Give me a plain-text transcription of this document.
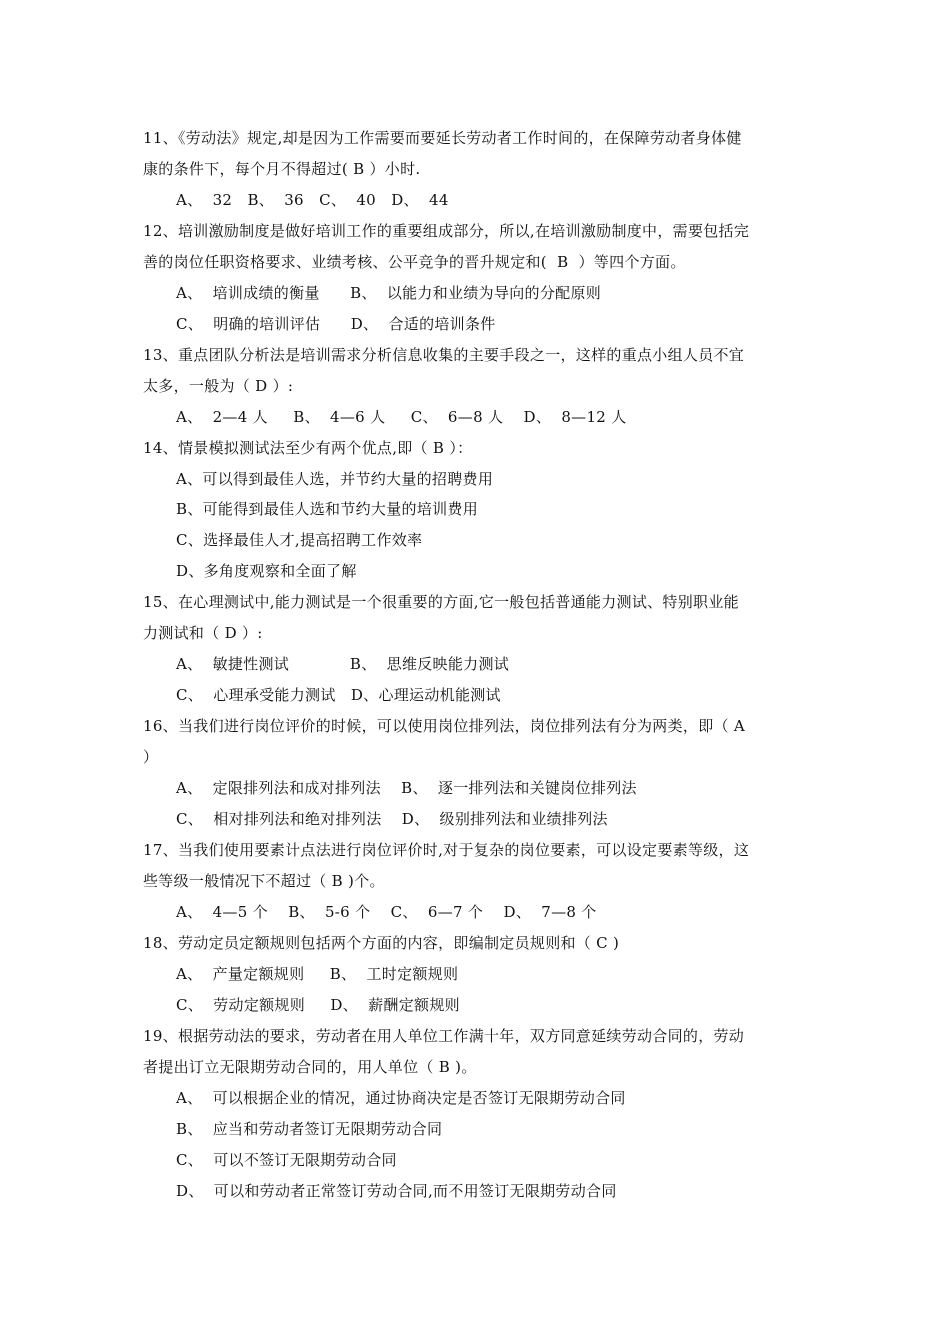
11、《劳动法》规定,却是因为工作需要而要延长劳动者工作时间的，在保障劳动者身体健
康的条件下，每个月不得超过( B ）小时.
A、  32   B、  36   C、  40   D、  44
12、培训激励制度是做好培训工作的重要组成部分，所以,在培训激励制度中，需要包括完
善的岗位任职资格要求、业绩考核、公平竞争的晋升规定和(  B  ）等四个方面。
A、  培训成绩的衡量      B、  以能力和业绩为导向的分配原则
C、  明确的培训评估      D、  合适的培训条件
13、重点团队分析法是培训需求分析信息收集的主要手段之一，这样的重点小组人员不宜
太多，一般为（ D ）:
A、  2—4 人     B、  4—6 人     C、  6—8 人    D、  8—12 人
14、情景模拟测试法至少有两个优点,即（ B ）：
A、可以得到最佳人选，并节约大量的招聘费用
B、可能得到最佳人选和节约大量的培训费用
C、选择最佳人才,提高招聘工作效率
D、多角度观察和全面了解
15、在心理测试中,能力测试是一个很重要的方面,它一般包括普通能力测试、特别职业能
力测试和（ D ）:
A、  敏捷性测试            B、  思维反映能力测试
C、  心理承受能力测试   D、心理运动机能测试
16、当我们进行岗位评价的时候，可以使用岗位排列法，岗位排列法有分为两类，即（ A
）
A、  定限排列法和成对排列法    B、  逐一排列法和关键岗位排列法
C、  相对排列法和绝对排列法    D、  级别排列法和业绩排列法
17、当我们使用要素计点法进行岗位评价时,对于复杂的岗位要素，可以设定要素等级，这
些等级一般情况下不超过（ B )个。
A、  4—5 个    B、  5-6 个    C、  6—7 个    D、  7—8 个
18、劳动定员定额规则包括两个方面的内容，即编制定员规则和（ C )
A、  产量定额规则     B、  工时定额规则
C、  劳动定额规则     D、  薪酬定额规则
19、根据劳动法的要求，劳动者在用人单位工作满十年，双方同意延续劳动合同的，劳动
者提出订立无限期劳动合同的，用人单位（ B )。
A、  可以根据企业的情况，通过协商决定是否签订无限期劳动合同
B、  应当和劳动者签订无限期劳动合同
C、  可以不签订无限期劳动合同
D、  可以和劳动者正常签订劳动合同,而不用签订无限期劳动合同
